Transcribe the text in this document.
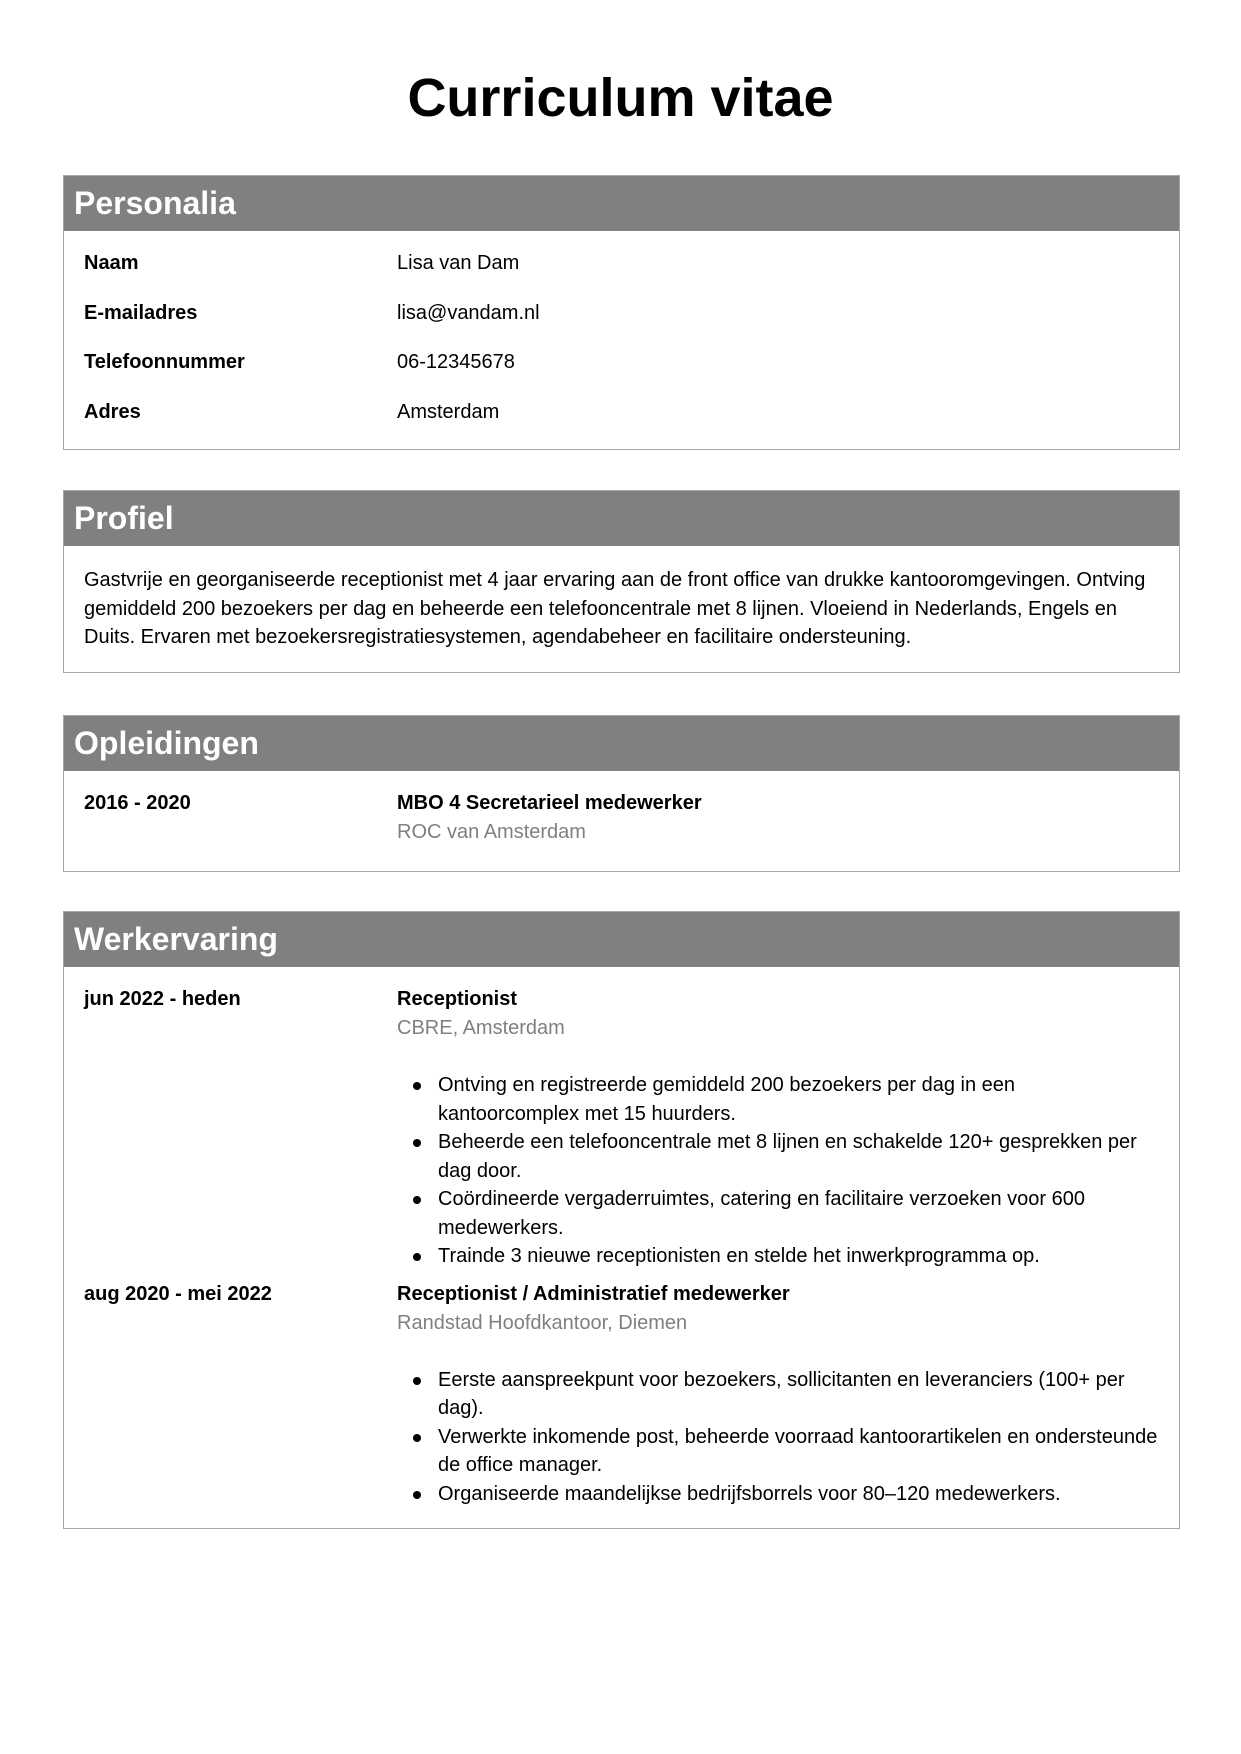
Curriculum vitae
Personalia
Naam	Lisa van Dam
E-mailadres	lisa@vandam.nl
Telefoonnummer	06-12345678
Adres	Amsterdam
Profiel

Gastvrije en georganiseerde receptionist met 4 jaar ervaring aan de front office van drukke kantooromgevingen. Ontving gemiddeld 200 bezoekers per dag en beheerde een telefooncentrale met 8 lijnen. Vloeiend in Nederlands, Engels en Duits. Ervaren met bezoekersregistratiesystemen, agendabeheer en facilitaire ondersteuning.

Opleidingen
2016 - 2020	MBO 4 Secretarieel medewerker
ROC van Amsterdam
Werkervaring
jun 2022 - heden	Receptionist
CBRE, Amsterdam
Ontving en registreerde gemiddeld 200 bezoekers per dag in een kantoorcomplex met 15 huurders.
Beheerde een telefooncentrale met 8 lijnen en schakelde 120+ gesprekken per dag door.
Coördineerde vergaderruimtes, catering en facilitaire verzoeken voor 600 medewerkers.
Trainde 3 nieuwe receptionisten en stelde het inwerkprogramma op.
aug 2020 - mei 2022	Receptionist / Administratief medewerker
Randstad Hoofdkantoor, Diemen
Eerste aanspreekpunt voor bezoekers, sollicitanten en leveranciers (100+ per dag).
Verwerkte inkomende post, beheerde voorraad kantoorartikelen en ondersteunde de office manager.
Organiseerde maandelijkse bedrijfsborrels voor 80–120 medewerkers.
